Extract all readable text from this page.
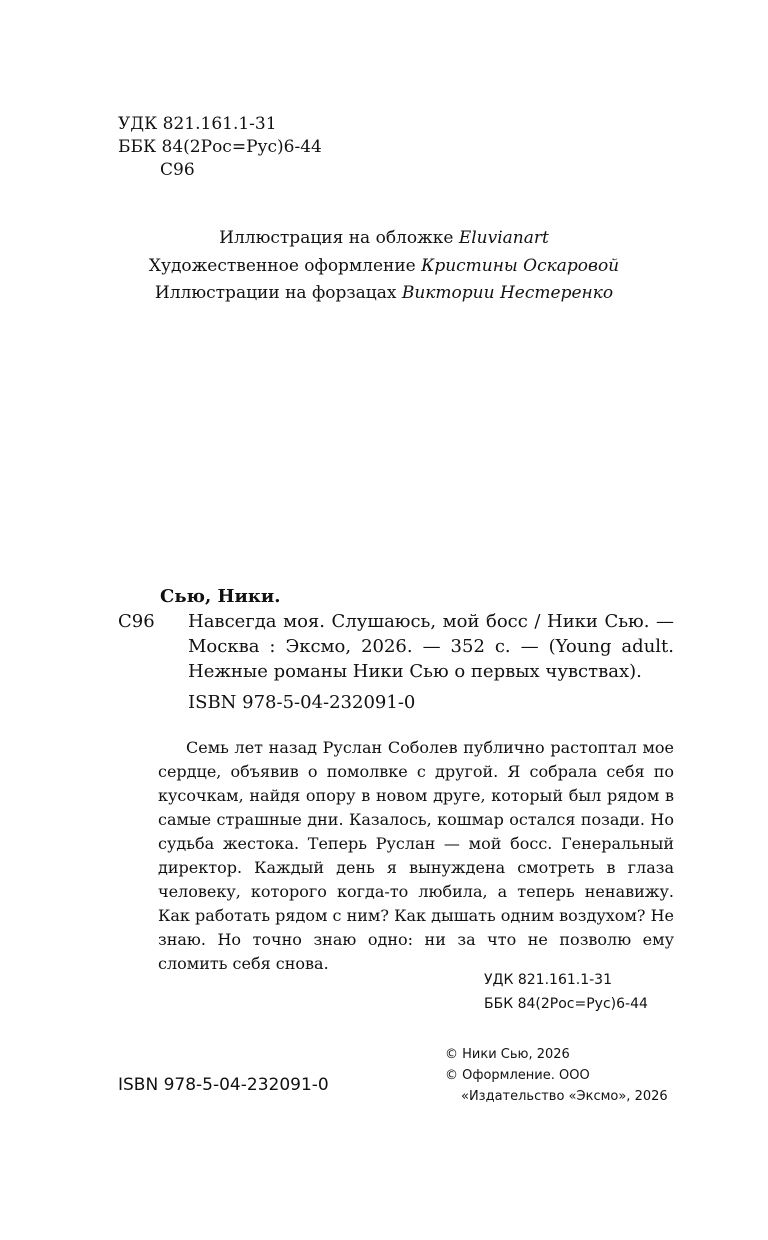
УДК 821.161.1-31
ББК 84(2Рос=Рус)6-44
С96
Иллюстрация на обложке Eluvianart
Художественное оформление Кристины Оскаровой
Иллюстрации на форзацах Виктории Нестеренко
Сью, Ники.
С96 Навсегда моя. Слушаюсь, мой босс / Ники Сью. — Москва : Эксмо, 2026. — 352 с. — (Young adult. Нежные романы Ники Сью о первых чувствах).
ISBN 978-5-04-232091-0
Семь лет назад Руслан Соболев публично растоптал мое сердце, объявив о помолвке с другой. Я собрала себя по кусочкам, найдя опору в новом друге, который был рядом в самые страшные дни. Казалось, кошмар остался позади. Но судьба жестока. Теперь Руслан — мой босс. Генеральный директор. Каждый день я вынуждена смотреть в глаза человеку, которого когда-то любила, а теперь ненавижу. Как работать рядом с ним? Как дышать одним воздухом? Не знаю. Но точно знаю одно: ни за что не позволю ему сломить себя снова.
УДК 821.161.1-31
ББК 84(2Рос=Рус)6-44
ISBN 978-5-04-232091-0
© Ники Сью, 2026
© Оформление. ООО
«Издательство «Эксмо», 2026
